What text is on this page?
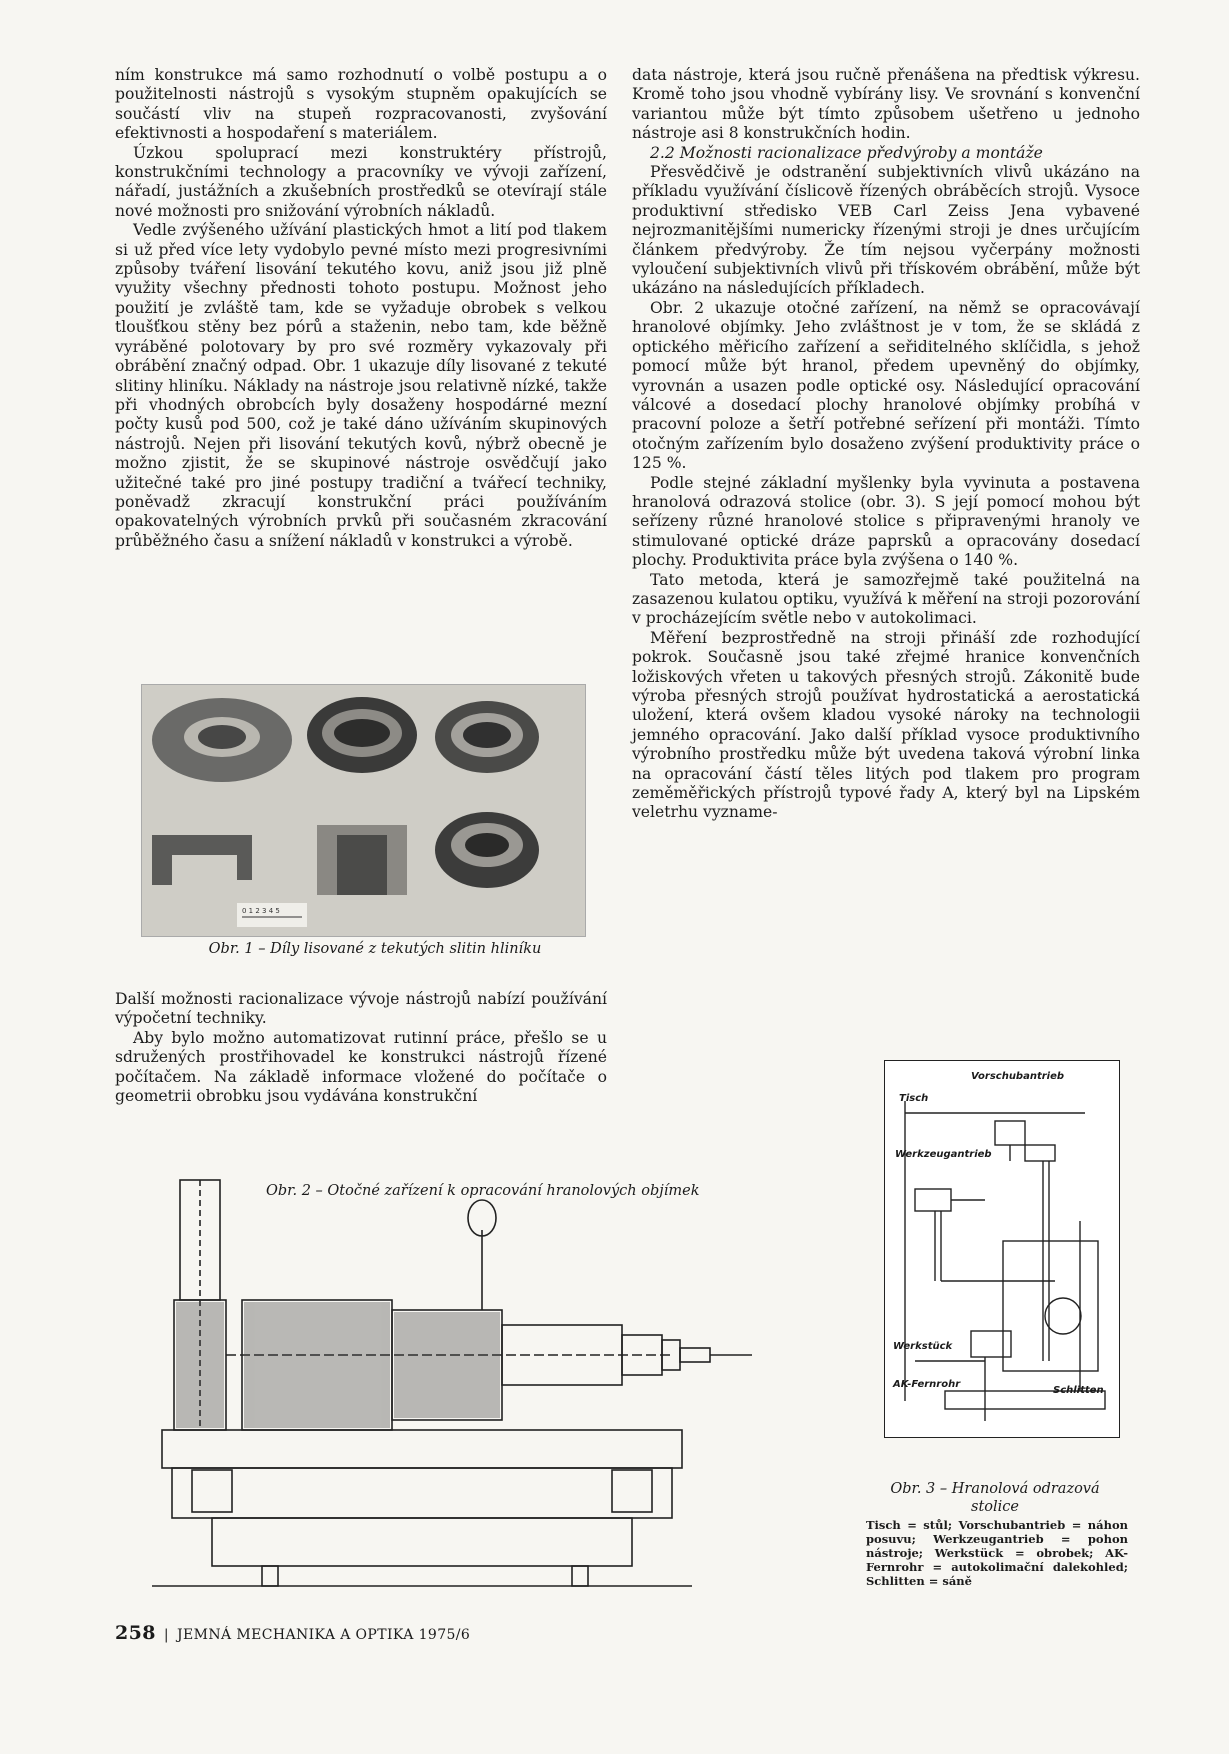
ním konstrukce má samo rozhodnutí o volbě postupu a o použitelnosti nástrojů s vysokým stupněm opakujících se součástí vliv na stupeň rozpracovanosti, zvyšování efektivnosti a hospodaření s materiálem.

Úzkou spoluprací mezi konstruktéry přístrojů, konstrukčními technology a pracovníky ve vývoji zařízení, nářadí, justážních a zkušebních prostředků se otevírají stále nové možnosti pro snižování výrobních nákladů.

Vedle zvýšeného užívání plastických hmot a lití pod tlakem si už před více lety vydobylo pevné místo mezi progresivními způsoby tváření lisování tekutého kovu, aniž jsou již plně využity všechny přednosti tohoto postupu. Možnost jeho použití je zvláště tam, kde se vyžaduje obrobek s velkou tloušťkou stěny bez pórů a staženin, nebo tam, kde běžně vyráběné polotovary by pro své rozměry vykazovaly při obrábění značný odpad. Obr. 1 ukazuje díly lisované z tekuté slitiny hliníku. Náklady na nástroje jsou relativně nízké, takže při vhodných obrobcích byly dosaženy hospodárné mezní počty kusů pod 500, což je také dáno užíváním skupinových nástrojů. Nejen při lisování tekutých kovů, nýbrž obecně je možno zjistit, že se skupinové nástroje osvědčují jako užitečné také pro jiné postupy tradiční a tvářecí techniky, poněvadž zkracují konstrukční práci používáním opakovatelných výrobních prvků při současném zkracování průběžného času a snížení nákladů v konstrukci a výrobě.

0 1 2 3 4 5
Obr. 1 – Díly lisované z tekutých slitin hliníku

Další možnosti racionalizace vývoje nástrojů nabízí používání výpočetní techniky.

Aby bylo možno automatizovat rutinní práce, přešlo se u sdružených prostřihovadel ke konstrukci nástrojů řízené počítačem. Na základě informace vložené do počítače o geometrii obrobku jsou vydávána konstrukční

data nástroje, která jsou ručně přenášena na předtisk výkresu. Kromě toho jsou vhodně vybírány lisy. Ve srovnání s konvenční variantou může být tímto způsobem ušetřeno u jednoho nástroje asi 8 konstrukčních hodin.

2.2 Možnosti racionalizace předvýroby a montáže

Přesvědčivě je odstranění subjektivních vlivů ukázáno na příkladu využívání číslicově řízených obráběcích strojů. Vysoce produktivní středisko VEB Carl Zeiss Jena vybavené nejrozmanitějšími numericky řízenými stroji je dnes určujícím článkem předvýroby. Že tím nejsou vyčerpány možnosti vyloučení subjektivních vlivů při třískovém obrábění, může být ukázáno na následujících příkladech.

Obr. 2 ukazuje otočné zařízení, na němž se opracovávají hranolové objímky. Jeho zvláštnost je v tom, že se skládá z optického měřicího zařízení a seřiditelného sklíčidla, s jehož pomocí může být hranol, předem upevněný do objímky, vyrovnán a usazen podle optické osy. Následující opracování válcové a dosedací plochy hranolové objímky probíhá v pracovní poloze a šetří potřebné seřízení při montáži. Tímto otočným zařízením bylo dosaženo zvýšení produktivity práce o 125 %.

Podle stejné základní myšlenky byla vyvinuta a postavena hranolová odrazová stolice (obr. 3). S její pomocí mohou být seřízeny různé hranolové stolice s připravenými hranoly ve stimulované optické dráze paprsků a opracovány dosedací plochy. Produktivita práce byla zvýšena o 140 %.

Tato metoda, která je samozřejmě také použitelná na zasazenou kulatou optiku, využívá k měření na stroji pozorování v procházejícím světle nebo v autokolimaci.

Měření bezprostředně na stroji přináší zde rozhodující pokrok. Současně jsou také zřejmé hranice konvenčních ložiskových vřeten u takových přesných strojů. Zákonitě bude výroba přesných strojů používat hydrostatická a aerostatická uložení, která ovšem kladou vysoké nároky na technologii jemného opracování. Jako další příklad vysoce produktivního výrobního prostředku může být uvedena taková výrobní linka na opracování částí těles litých pod tlakem pro program zeměměřických přístrojů typové řady A, který byl na Lipském veletrhu vyzname-

Obr. 2 – Otočné zařízení k opracování hranolových objímek
Vorschubantrieb
Tisch
Werkzeugantrieb
Werkstück
AK-Fernrohr
Schlitten
Obr. 3 – Hranolová odrazová
stolice
Tisch = stůl; Vorschubantrieb = náhon posuvu; Werkzeugantrieb = pohon nástroje; Werkstück = obrobek; AK-Fernrohr = autokolimační dalekohled; Schlitten = sáně
258 | JEMNÁ MECHANIKA A OPTIKA 1975/6
